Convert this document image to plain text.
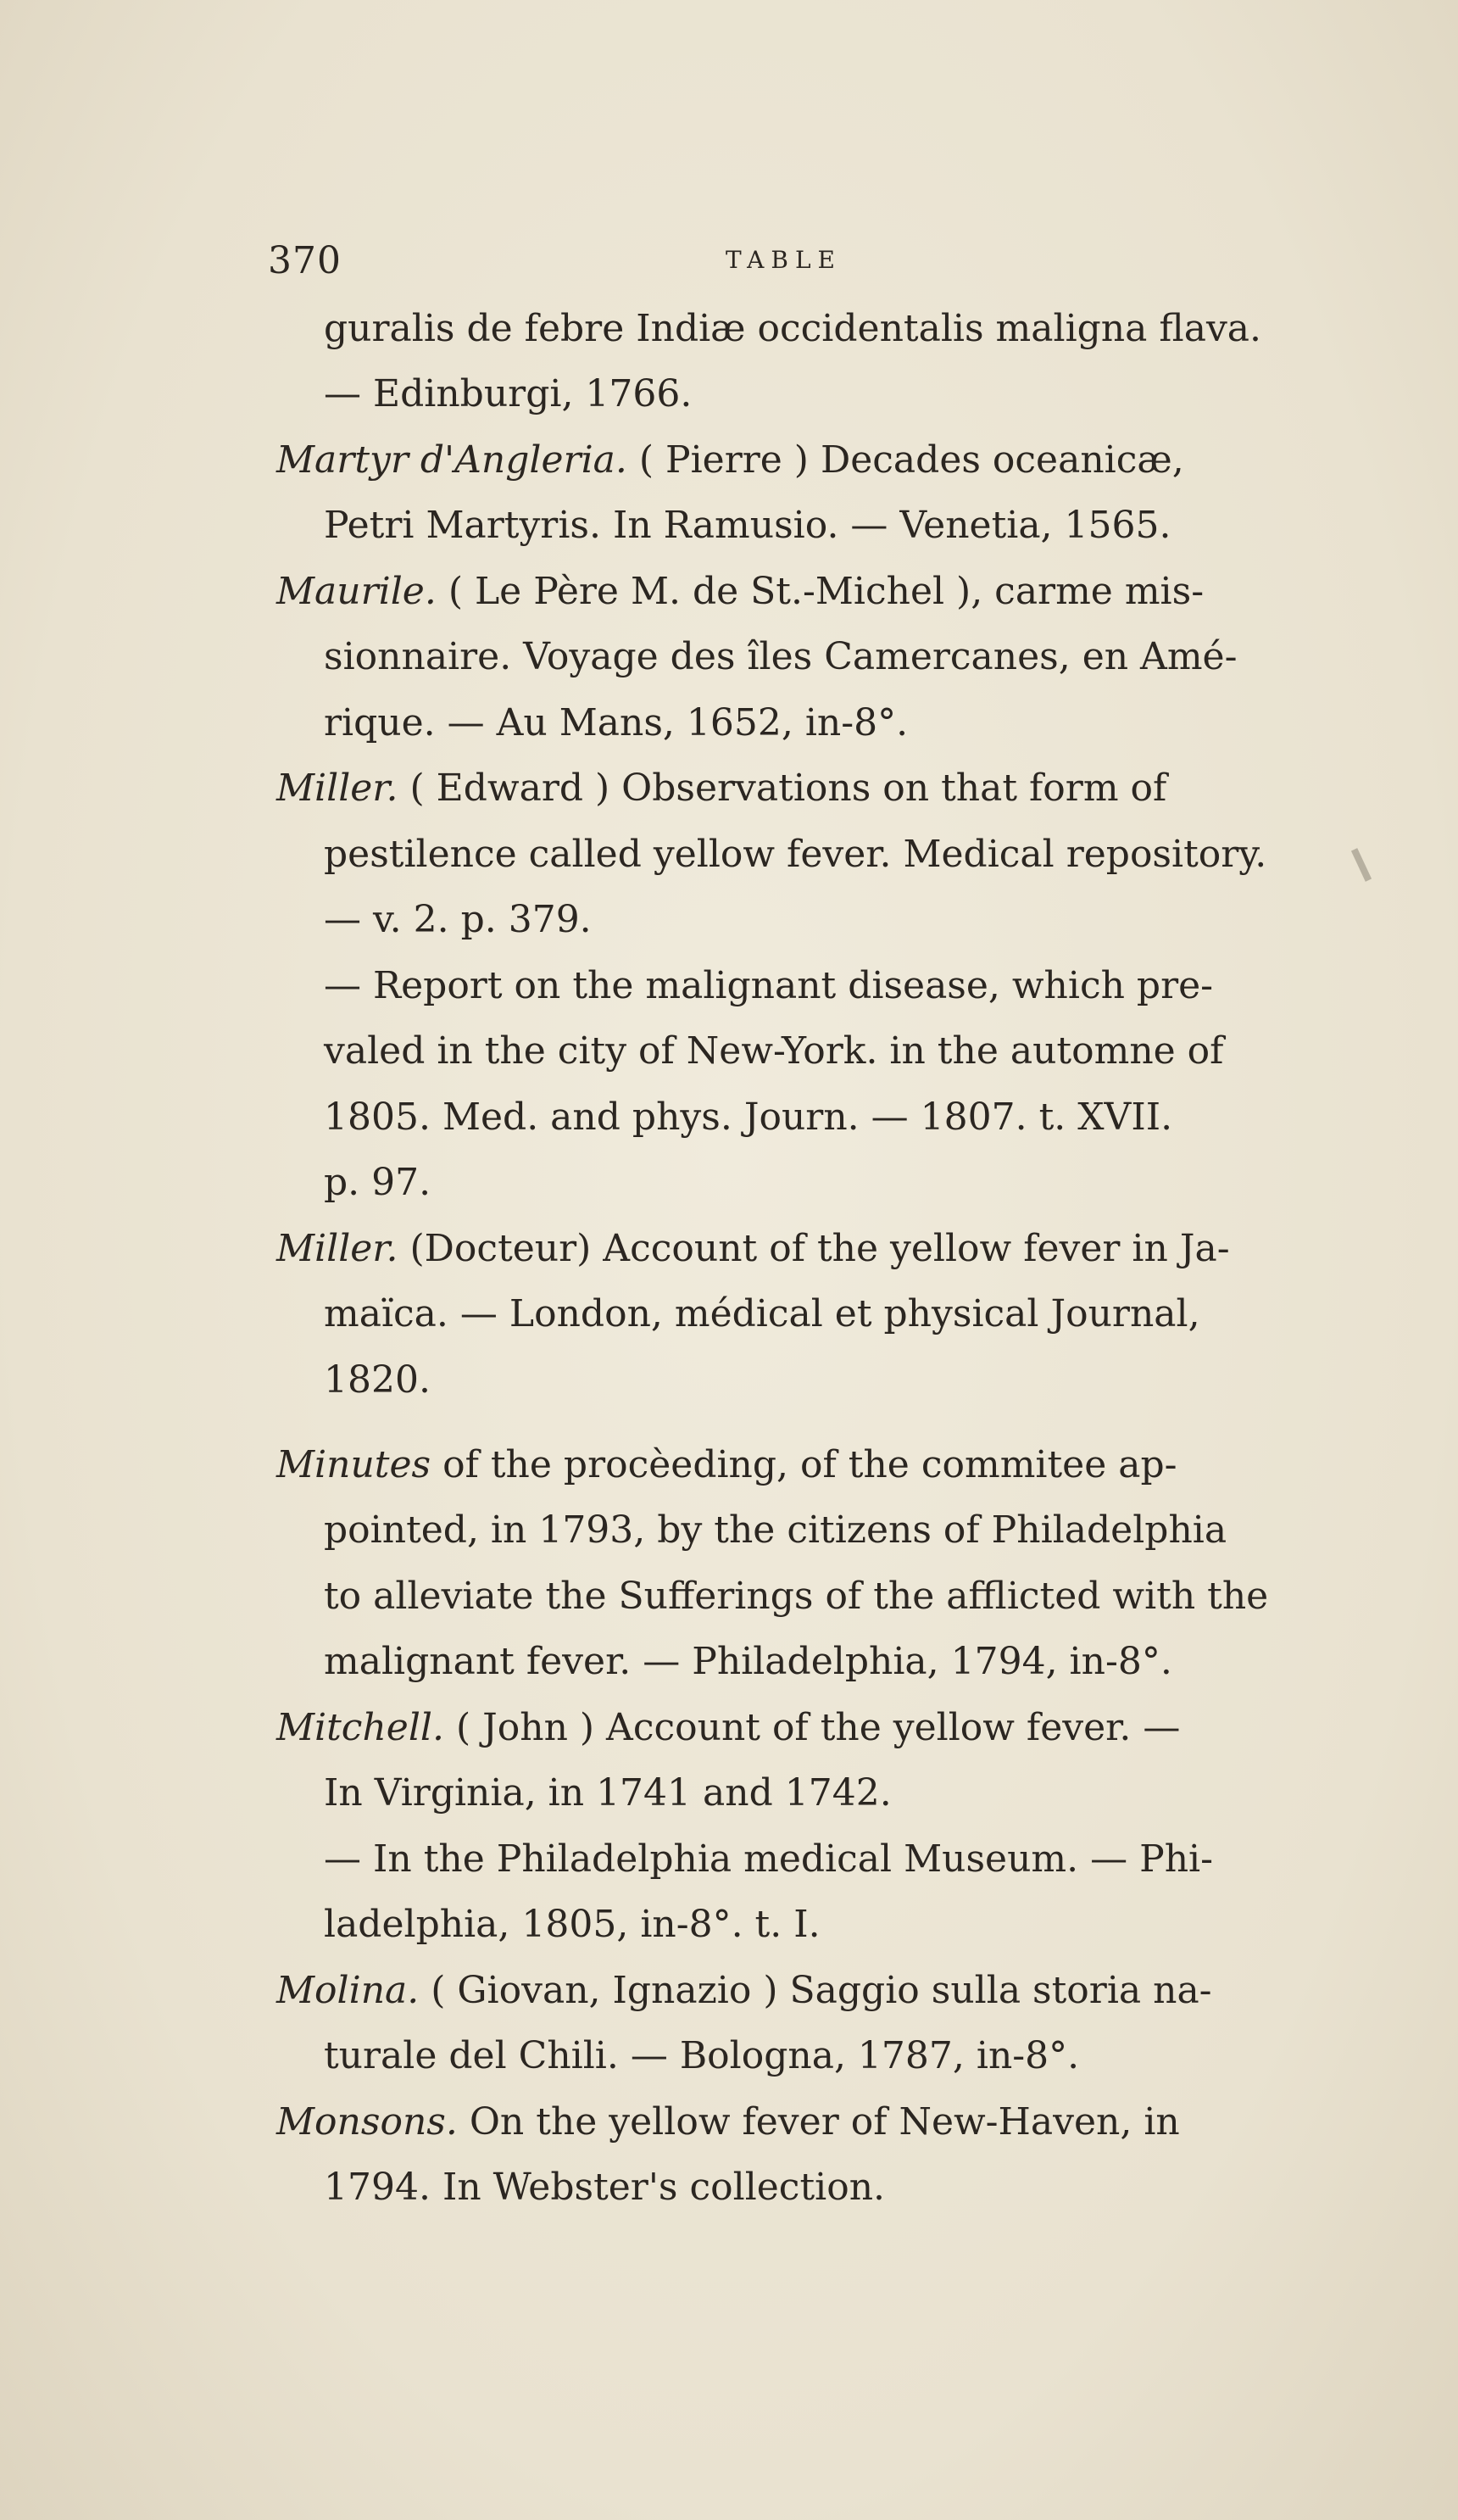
370	TABLE
guralis de febre Indiæ occidentalis maligna flava.
— Edinburgi, 1766.
Martyr d'Angleria. ( Pierre ) Decades oceanicæ,
Petri Martyris. In Ramusio. — Venetia, 1565.
Maurile. ( Le Père M. de St.-Michel ), carme mis-
sionnaire. Voyage des îles Camercanes, en Amé-
rique. — Au Mans, 1652, in-8°.
Miller. ( Edward ) Observations on that form of
pestilence called yellow fever. Medical repository.
— v. 2. p. 379.
— Report on the malignant disease, which pre-
valed in the city of New-York. in the automne of
1805. Med. and phys. Journ. — 1807. t. XVII.
p. 97.
Miller. (Docteur) Account of the yellow fever in Ja-
maïca. — London, médical et physical Journal,
1820.
Minutes of the procèeding, of the commitee ap-
pointed, in 1793, by the citizens of Philadelphia
to alleviate the Sufferings of the afflicted with the
malignant fever. — Philadelphia, 1794, in-8°.
Mitchell. ( John ) Account of the yellow fever. —
In Virginia, in 1741 and 1742.
— In the Philadelphia medical Museum. — Phi-
ladelphia, 1805, in-8°. t. I.
Molina. ( Giovan, Ignazio ) Saggio sulla storia na-
turale del Chili. — Bologna, 1787, in-8°.
Monsons. On the yellow fever of New-Haven, in
1794. In Webster's collection.
